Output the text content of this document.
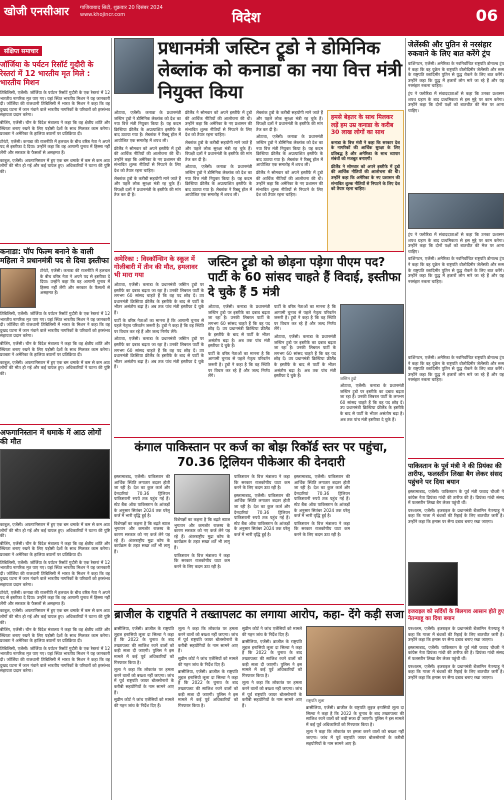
खोजी एनसीआर गाजियाबाद सिटी, शुक्रवार 20 दिसंबर 2024
www.khojincr.com	विदेश	06
संक्षिप्त समाचार
जॉर्जिया के पर्यटन रिसॉर्ट गुदौरी के रेस्तरां में 12 भारतीय मृत मिले : भारतीय मिशन

तिबिलिसी, एजेंसी। जॉर्जिया के पर्यटन रिसॉर्ट गुदौरी के एक रेस्तरां में 12 भारतीय नागरिक मृत पाए गए। यहां स्थित भारतीय मिशन ने यह जानकारी दी। जॉर्जिया की राजधानी तिबिलिसी में भारत के मिशन ने कहा कि वह दुखद घटना में जान गंवाने वाले भारतीय नागरिकों के परिवारों को हरसंभव सहायता प्रदान करेगा।

बीजिंग, एजेंसी। चीन के विदेश मंत्रालय ने कहा कि वह क्षेत्रीय शांति और स्थिरता बनाए रखने के लिए पड़ोसी देशों के साथ मिलकर काम करेगा। प्रवक्ता ने अमेरिका के हालिया बयानों पर प्रतिक्रिया दी।

टोरंटो, एजेंसी। कनाडा की राजनीति में हलचल के बीच वरिष्ठ नेता ने अपने पद से इस्तीफा दे दिया। उन्होंने कहा कि वह आगामी चुनाव में हिस्सा नहीं लेंगी और सरकार के फैसलों से असहमत हैं।

काबुल, एजेंसी। अफगानिस्तान में हुए एक बम धमाके में कम से कम आठ लोगों की मौत हो गई और कई घायल हुए। अधिकारियों ने घटना की पुष्टि की।

कनाडा: पॉप फिल्म बनाने के वाली महिला ने प्रधानमंत्री पद से दिया इस्तीफा
टोरंटो, एजेंसी। कनाडा की राजनीति में हलचल के बीच वरिष्ठ नेता ने अपने पद से इस्तीफा दे दिया। उन्होंने कहा कि वह आगामी चुनाव में हिस्सा नहीं लेंगी और सरकार के फैसलों से असहमत हैं।

तिबिलिसी, एजेंसी। जॉर्जिया के पर्यटन रिसॉर्ट गुदौरी के एक रेस्तरां में 12 भारतीय नागरिक मृत पाए गए। यहां स्थित भारतीय मिशन ने यह जानकारी दी। जॉर्जिया की राजधानी तिबिलिसी में भारत के मिशन ने कहा कि वह दुखद घटना में जान गंवाने वाले भारतीय नागरिकों के परिवारों को हरसंभव सहायता प्रदान करेगा।

बीजिंग, एजेंसी। चीन के विदेश मंत्रालय ने कहा कि वह क्षेत्रीय शांति और स्थिरता बनाए रखने के लिए पड़ोसी देशों के साथ मिलकर काम करेगा। प्रवक्ता ने अमेरिका के हालिया बयानों पर प्रतिक्रिया दी।

काबुल, एजेंसी। अफगानिस्तान में हुए एक बम धमाके में कम से कम आठ लोगों की मौत हो गई और कई घायल हुए। अधिकारियों ने घटना की पुष्टि की।

अफगानिस्तान में धमाके में आठ लोगों की मौत

काबुल, एजेंसी। अफगानिस्तान में हुए एक बम धमाके में कम से कम आठ लोगों की मौत हो गई और कई घायल हुए। अधिकारियों ने घटना की पुष्टि की।

बीजिंग, एजेंसी। चीन के विदेश मंत्रालय ने कहा कि वह क्षेत्रीय शांति और स्थिरता बनाए रखने के लिए पड़ोसी देशों के साथ मिलकर काम करेगा। प्रवक्ता ने अमेरिका के हालिया बयानों पर प्रतिक्रिया दी।

तिबिलिसी, एजेंसी। जॉर्जिया के पर्यटन रिसॉर्ट गुदौरी के एक रेस्तरां में 12 भारतीय नागरिक मृत पाए गए। यहां स्थित भारतीय मिशन ने यह जानकारी दी। जॉर्जिया की राजधानी तिबिलिसी में भारत के मिशन ने कहा कि वह दुखद घटना में जान गंवाने वाले भारतीय नागरिकों के परिवारों को हरसंभव सहायता प्रदान करेगा।

टोरंटो, एजेंसी। कनाडा की राजनीति में हलचल के बीच वरिष्ठ नेता ने अपने पद से इस्तीफा दे दिया। उन्होंने कहा कि वह आगामी चुनाव में हिस्सा नहीं लेंगी और सरकार के फैसलों से असहमत हैं।

काबुल, एजेंसी। अफगानिस्तान में हुए एक बम धमाके में कम से कम आठ लोगों की मौत हो गई और कई घायल हुए। अधिकारियों ने घटना की पुष्टि की।

बीजिंग, एजेंसी। चीन के विदेश मंत्रालय ने कहा कि वह क्षेत्रीय शांति और स्थिरता बनाए रखने के लिए पड़ोसी देशों के साथ मिलकर काम करेगा। प्रवक्ता ने अमेरिका के हालिया बयानों पर प्रतिक्रिया दी।

तिबिलिसी, एजेंसी। जॉर्जिया के पर्यटन रिसॉर्ट गुदौरी के एक रेस्तरां में 12 भारतीय नागरिक मृत पाए गए। यहां स्थित भारतीय मिशन ने यह जानकारी दी। जॉर्जिया की राजधानी तिबिलिसी में भारत के मिशन ने कहा कि वह दुखद घटना में जान गंवाने वाले भारतीय नागरिकों के परिवारों को हरसंभव सहायता प्रदान करेगा।

प्रधानमंत्री जस्टिन ट्रूडो ने डोमिनिक लेब्लांक को कनाडा का नया वित्त मंत्री नियुक्त किया

ओटावा, एजेंसी। कनाडा के प्रधानमंत्री जस्टिन ट्रूडो ने डोमिनिक लेब्लांक को देश का नया वित्त मंत्री नियुक्त किया है। यह कदम क्रिस्टिया फ्रीलैंड के अप्रत्याशित इस्तीफे के बाद उठाया गया है। लेब्लांक ने रिड्यू हॉल में आयोजित एक समारोह में शपथ ली।

फ्रीलैंड ने सोमवार को अपने इस्तीफे में ट्रूडो की आर्थिक नीतियों की आलोचना की थी। उन्होंने कहा कि अमेरिका के नए प्रशासन की संभावित शुल्क नीतियों से निपटने के लिए देश को तैयार रहना चाहिए।

लेब्लांक ट्रूडो के करीबी सहयोगी माने जाते हैं और पहले लोक सुरक्षा मंत्री रह चुके हैं। विपक्षी दलों ने प्रधानमंत्री के इस्तीफे की मांग तेज कर दी है।

फ्रीलैंड ने सोमवार को अपने इस्तीफे में ट्रूडो की आर्थिक नीतियों की आलोचना की थी। उन्होंने कहा कि अमेरिका के नए प्रशासन की संभावित शुल्क नीतियों से निपटने के लिए देश को तैयार रहना चाहिए।

लेब्लांक ट्रूडो के करीबी सहयोगी माने जाते हैं और पहले लोक सुरक्षा मंत्री रह चुके हैं। विपक्षी दलों ने प्रधानमंत्री के इस्तीफे की मांग तेज कर दी है।

ओटावा, एजेंसी। कनाडा के प्रधानमंत्री जस्टिन ट्रूडो ने डोमिनिक लेब्लांक को देश का नया वित्त मंत्री नियुक्त किया है। यह कदम क्रिस्टिया फ्रीलैंड के अप्रत्याशित इस्तीफे के बाद उठाया गया है। लेब्लांक ने रिड्यू हॉल में आयोजित एक समारोह में शपथ ली।

लेब्लांक ट्रूडो के करीबी सहयोगी माने जाते हैं और पहले लोक सुरक्षा मंत्री रह चुके हैं। विपक्षी दलों ने प्रधानमंत्री के इस्तीफे की मांग तेज कर दी है।

ओटावा, एजेंसी। कनाडा के प्रधानमंत्री जस्टिन ट्रूडो ने डोमिनिक लेब्लांक को देश का नया वित्त मंत्री नियुक्त किया है। यह कदम क्रिस्टिया फ्रीलैंड के अप्रत्याशित इस्तीफे के बाद उठाया गया है। लेब्लांक ने रिड्यू हॉल में आयोजित एक समारोह में शपथ ली।

फ्रीलैंड ने सोमवार को अपने इस्तीफे में ट्रूडो की आर्थिक नीतियों की आलोचना की थी। उन्होंने कहा कि अमेरिका के नए प्रशासन की संभावित शुल्क नीतियों से निपटने के लिए देश को तैयार रहना चाहिए।

हमसे बेहतर के साथ मिलकर लड़ें हम उम्र कनाडा के करीब 30 लाख लोगों का साथ

कनाडा के वित्त मंत्री ने कहा कि सरकार देश के नागरिकों की आर्थिक सुरक्षा के लिए प्रतिबद्ध है और अमेरिका के साथ व्यापार संबंधों को मजबूत बनाएगी।

फ्रीलैंड ने सोमवार को अपने इस्तीफे में ट्रूडो की आर्थिक नीतियों की आलोचना की थी। उन्होंने कहा कि अमेरिका के नए प्रशासन की संभावित शुल्क नीतियों से निपटने के लिए देश को तैयार रहना चाहिए।

अमेरिका : विस्कॉन्सिन के स्कूल में गोलीबारी में तीन की मौत, हमलावर भी मारा गया

ओटावा, एजेंसी। कनाडा के प्रधानमंत्री जस्टिन ट्रूडो पर इस्तीफे का दबाव बढ़ता जा रहा है। उनकी लिबरल पार्टी के लगभग 60 सांसद चाहते हैं कि वह पद छोड़ दें। उप प्रधानमंत्री क्रिस्टिया फ्रीलैंड के इस्तीफे के बाद से पार्टी के भीतर असंतोष बढ़ा है। अब तक पांच मंत्री इस्तीफा दे चुके हैं।

पार्टी के वरिष्ठ नेताओं का मानना है कि आगामी चुनाव से पहले नेतृत्व परिवर्तन जरूरी है। ट्रूडो ने कहा है कि वह स्थिति पर विचार कर रहे हैं और जल्द निर्णय लेंगे।

ओटावा, एजेंसी। कनाडा के प्रधानमंत्री जस्टिन ट्रूडो पर इस्तीफे का दबाव बढ़ता जा रहा है। उनकी लिबरल पार्टी के लगभग 60 सांसद चाहते हैं कि वह पद छोड़ दें। उप प्रधानमंत्री क्रिस्टिया फ्रीलैंड के इस्तीफे के बाद से पार्टी के भीतर असंतोष बढ़ा है। अब तक पांच मंत्री इस्तीफा दे चुके हैं।

जस्टिन ट्रूडो को छोड़ना पड़ेगा पीएम पद? पार्टी के 60 सांसद चाहते हैं विदाई, इस्तीफा दे चुके हैं 5 मंत्री

ओटावा, एजेंसी। कनाडा के प्रधानमंत्री जस्टिन ट्रूडो पर इस्तीफे का दबाव बढ़ता जा रहा है। उनकी लिबरल पार्टी के लगभग 60 सांसद चाहते हैं कि वह पद छोड़ दें। उप प्रधानमंत्री क्रिस्टिया फ्रीलैंड के इस्तीफे के बाद से पार्टी के भीतर असंतोष बढ़ा है। अब तक पांच मंत्री इस्तीफा दे चुके हैं।

पार्टी के वरिष्ठ नेताओं का मानना है कि आगामी चुनाव से पहले नेतृत्व परिवर्तन जरूरी है। ट्रूडो ने कहा है कि वह स्थिति पर विचार कर रहे हैं और जल्द निर्णय लेंगे।

पार्टी के वरिष्ठ नेताओं का मानना है कि आगामी चुनाव से पहले नेतृत्व परिवर्तन जरूरी है। ट्रूडो ने कहा है कि वह स्थिति पर विचार कर रहे हैं और जल्द निर्णय लेंगे।

ओटावा, एजेंसी। कनाडा के प्रधानमंत्री जस्टिन ट्रूडो पर इस्तीफे का दबाव बढ़ता जा रहा है। उनकी लिबरल पार्टी के लगभग 60 सांसद चाहते हैं कि वह पद छोड़ दें। उप प्रधानमंत्री क्रिस्टिया फ्रीलैंड के इस्तीफे के बाद से पार्टी के भीतर असंतोष बढ़ा है। अब तक पांच मंत्री इस्तीफा दे चुके हैं।

जस्टिन ट्रूडो

ओटावा, एजेंसी। कनाडा के प्रधानमंत्री जस्टिन ट्रूडो पर इस्तीफे का दबाव बढ़ता जा रहा है। उनकी लिबरल पार्टी के लगभग 60 सांसद चाहते हैं कि वह पद छोड़ दें। उप प्रधानमंत्री क्रिस्टिया फ्रीलैंड के इस्तीफे के बाद से पार्टी के भीतर असंतोष बढ़ा है। अब तक पांच मंत्री इस्तीफा दे चुके हैं।

कंगाल पाकिस्तान पर कर्ज का बोझ रिकॉर्ड स्तर पर पहुंचा, 70.36 ट्रिलियन पीकेआर की देनदारी

इस्लामाबाद, एजेंसी। पाकिस्तान की आर्थिक स्थिति लगातार बदतर होती जा रही है। देश का कुल कर्ज और देनदारियां 70.36 ट्रिलियन पाकिस्तानी रुपये तक पहुंच गई हैं। स्टेट बैंक ऑफ पाकिस्तान के आंकड़ों के अनुसार सितंबर 2024 तक घरेलू कर्ज में भारी वृद्धि हुई है।

विशेषज्ञों का कहना है कि बढ़ते ब्याज भुगतान और कमजोर राजस्व के कारण सरकार को नए कर्ज लेने पड़ रहे हैं। अंतरराष्ट्रीय मुद्रा कोष के कार्यक्रम के तहत सख्त शर्तें भी लागू हैं।

विशेषज्ञों का कहना है कि बढ़ते ब्याज भुगतान और कमजोर राजस्व के कारण सरकार को नए कर्ज लेने पड़ रहे हैं। अंतरराष्ट्रीय मुद्रा कोष के कार्यक्रम के तहत सख्त शर्तें भी लागू हैं।

पाकिस्तान के वित्त मंत्रालय ने कहा कि सरकार राजकोषीय घाटा कम करने के लिए कदम उठा रही है।

पाकिस्तान के वित्त मंत्रालय ने कहा कि सरकार राजकोषीय घाटा कम करने के लिए कदम उठा रही है।

इस्लामाबाद, एजेंसी। पाकिस्तान की आर्थिक स्थिति लगातार बदतर होती जा रही है। देश का कुल कर्ज और देनदारियां 70.36 ट्रिलियन पाकिस्तानी रुपये तक पहुंच गई हैं। स्टेट बैंक ऑफ पाकिस्तान के आंकड़ों के अनुसार सितंबर 2024 तक घरेलू कर्ज में भारी वृद्धि हुई है।

इस्लामाबाद, एजेंसी। पाकिस्तान की आर्थिक स्थिति लगातार बदतर होती जा रही है। देश का कुल कर्ज और देनदारियां 70.36 ट्रिलियन पाकिस्तानी रुपये तक पहुंच गई हैं। स्टेट बैंक ऑफ पाकिस्तान के आंकड़ों के अनुसार सितंबर 2024 तक घरेलू कर्ज में भारी वृद्धि हुई है।

पाकिस्तान के वित्त मंत्रालय ने कहा कि सरकार राजकोषीय घाटा कम करने के लिए कदम उठा रही है।

ब्राजील के राष्ट्रपति ने तख्तापलट का लगाया आरोप, कहा- देंगे कड़ी सजा

ब्रासीलिया, एजेंसी। ब्राजील के राष्ट्रपति लुइज इनासियो लूला दा सिल्वा ने कहा है कि 2022 के चुनाव के बाद तख्तापलट की साजिश रचने वालों को कड़ी सजा दी जाएगी। पुलिस ने इस मामले में कई पूर्व अधिकारियों को गिरफ्तार किया है।

लूला ने कहा कि लोकतंत्र पर हमला करने वालों को बख्शा नहीं जाएगा। जांच में पूर्व राष्ट्रपति जायर बोलसोनारो के करीबी सहयोगियों के नाम सामने आए हैं।

सुप्रीम कोर्ट ने जांच एजेंसियों को मामले की गहन जांच के निर्देश दिए हैं।

लूला ने कहा कि लोकतंत्र पर हमला करने वालों को बख्शा नहीं जाएगा। जांच में पूर्व राष्ट्रपति जायर बोलसोनारो के करीबी सहयोगियों के नाम सामने आए हैं।

सुप्रीम कोर्ट ने जांच एजेंसियों को मामले की गहन जांच के निर्देश दिए हैं।

ब्रासीलिया, एजेंसी। ब्राजील के राष्ट्रपति लुइज इनासियो लूला दा सिल्वा ने कहा है कि 2022 के चुनाव के बाद तख्तापलट की साजिश रचने वालों को कड़ी सजा दी जाएगी। पुलिस ने इस मामले में कई पूर्व अधिकारियों को गिरफ्तार किया है।

सुप्रीम कोर्ट ने जांच एजेंसियों को मामले की गहन जांच के निर्देश दिए हैं।

ब्रासीलिया, एजेंसी। ब्राजील के राष्ट्रपति लुइज इनासियो लूला दा सिल्वा ने कहा है कि 2022 के चुनाव के बाद तख्तापलट की साजिश रचने वालों को कड़ी सजा दी जाएगी। पुलिस ने इस मामले में कई पूर्व अधिकारियों को गिरफ्तार किया है।

लूला ने कहा कि लोकतंत्र पर हमला करने वालों को बख्शा नहीं जाएगा। जांच में पूर्व राष्ट्रपति जायर बोलसोनारो के करीबी सहयोगियों के नाम सामने आए हैं।

राष्ट्रपति लूला

ब्रासीलिया, एजेंसी। ब्राजील के राष्ट्रपति लुइज इनासियो लूला दा सिल्वा ने कहा है कि 2022 के चुनाव के बाद तख्तापलट की साजिश रचने वालों को कड़ी सजा दी जाएगी। पुलिस ने इस मामले में कई पूर्व अधिकारियों को गिरफ्तार किया है।

लूला ने कहा कि लोकतंत्र पर हमला करने वालों को बख्शा नहीं जाएगा। जांच में पूर्व राष्ट्रपति जायर बोलसोनारो के करीबी सहयोगियों के नाम सामने आए हैं।

जेलेंस्की और पुतिन से नरसंहार रुकवाने के लिए बात करेंगे ट्रंप

वाशिंगटन, एजेंसी। अमेरिका के नवनिर्वाचित राष्ट्रपति डोनाल्ड ट्रंप ने कहा कि वह यूक्रेन के राष्ट्रपति वोलोदिमीर जेलेंस्की और रूस के राष्ट्रपति व्लादिमीर पुतिन से युद्ध रोकने के लिए बात करेंगे। उन्होंने कहा कि युद्ध में हजारों लोग मारे जा रहे हैं और यह नरसंहार रुकना चाहिए।

ट्रंप ने फ्लोरिडा में संवाददाताओं से कहा कि उनका प्रशासन शपथ ग्रहण के बाद प्राथमिकता से इस मुद्दे पर काम करेगा। उन्होंने कहा कि दोनों पक्षों को बातचीत की मेज पर आना चाहिए।

ट्रंप ने फ्लोरिडा में संवाददाताओं से कहा कि उनका प्रशासन शपथ ग्रहण के बाद प्राथमिकता से इस मुद्दे पर काम करेगा। उन्होंने कहा कि दोनों पक्षों को बातचीत की मेज पर आना चाहिए।

वाशिंगटन, एजेंसी। अमेरिका के नवनिर्वाचित राष्ट्रपति डोनाल्ड ट्रंप ने कहा कि वह यूक्रेन के राष्ट्रपति वोलोदिमीर जेलेंस्की और रूस के राष्ट्रपति व्लादिमीर पुतिन से युद्ध रोकने के लिए बात करेंगे। उन्होंने कहा कि युद्ध में हजारों लोग मारे जा रहे हैं और यह नरसंहार रुकना चाहिए।

वाशिंगटन, एजेंसी। अमेरिका के नवनिर्वाचित राष्ट्रपति डोनाल्ड ट्रंप ने कहा कि वह यूक्रेन के राष्ट्रपति वोलोदिमीर जेलेंस्की और रूस के राष्ट्रपति व्लादिमीर पुतिन से युद्ध रोकने के लिए बात करेंगे। उन्होंने कहा कि युद्ध में हजारों लोग मारे जा रहे हैं और यह नरसंहार रुकना चाहिए।

पाकिस्तान के पूर्व मंत्री ने की प्रियंका की तारीफ, फलस्तीन लिखा बैग लेकर संसद पहुंचने पर दिया बयान

इस्लामाबाद, एजेंसी। पाकिस्तान के पूर्व मंत्री फवाद चौधरी ने कांग्रेस नेता प्रियंका गांधी की तारीफ की है। प्रियंका गांधी संसद में फलस्तीन लिखा बैग लेकर पहुंची थीं।

यरुशलम, एजेंसी। इजराइल के प्रधानमंत्री बेंजामिन नेतन्याहू ने कहा कि गाजा में बंधकों की रिहाई के लिए बातचीत जारी है। उन्होंने कहा कि हमास पर सैन्य दबाव बनाए रखा जाएगा।

इजराइल को सर्दियों के बिलगाव आसान होते हुए नेतन्याहू का दिया बयान

यरुशलम, एजेंसी। इजराइल के प्रधानमंत्री बेंजामिन नेतन्याहू ने कहा कि गाजा में बंधकों की रिहाई के लिए बातचीत जारी है। उन्होंने कहा कि हमास पर सैन्य दबाव बनाए रखा जाएगा।

इस्लामाबाद, एजेंसी। पाकिस्तान के पूर्व मंत्री फवाद चौधरी ने कांग्रेस नेता प्रियंका गांधी की तारीफ की है। प्रियंका गांधी संसद में फलस्तीन लिखा बैग लेकर पहुंची थीं।

यरुशलम, एजेंसी। इजराइल के प्रधानमंत्री बेंजामिन नेतन्याहू ने कहा कि गाजा में बंधकों की रिहाई के लिए बातचीत जारी है। उन्होंने कहा कि हमास पर सैन्य दबाव बनाए रखा जाएगा।
